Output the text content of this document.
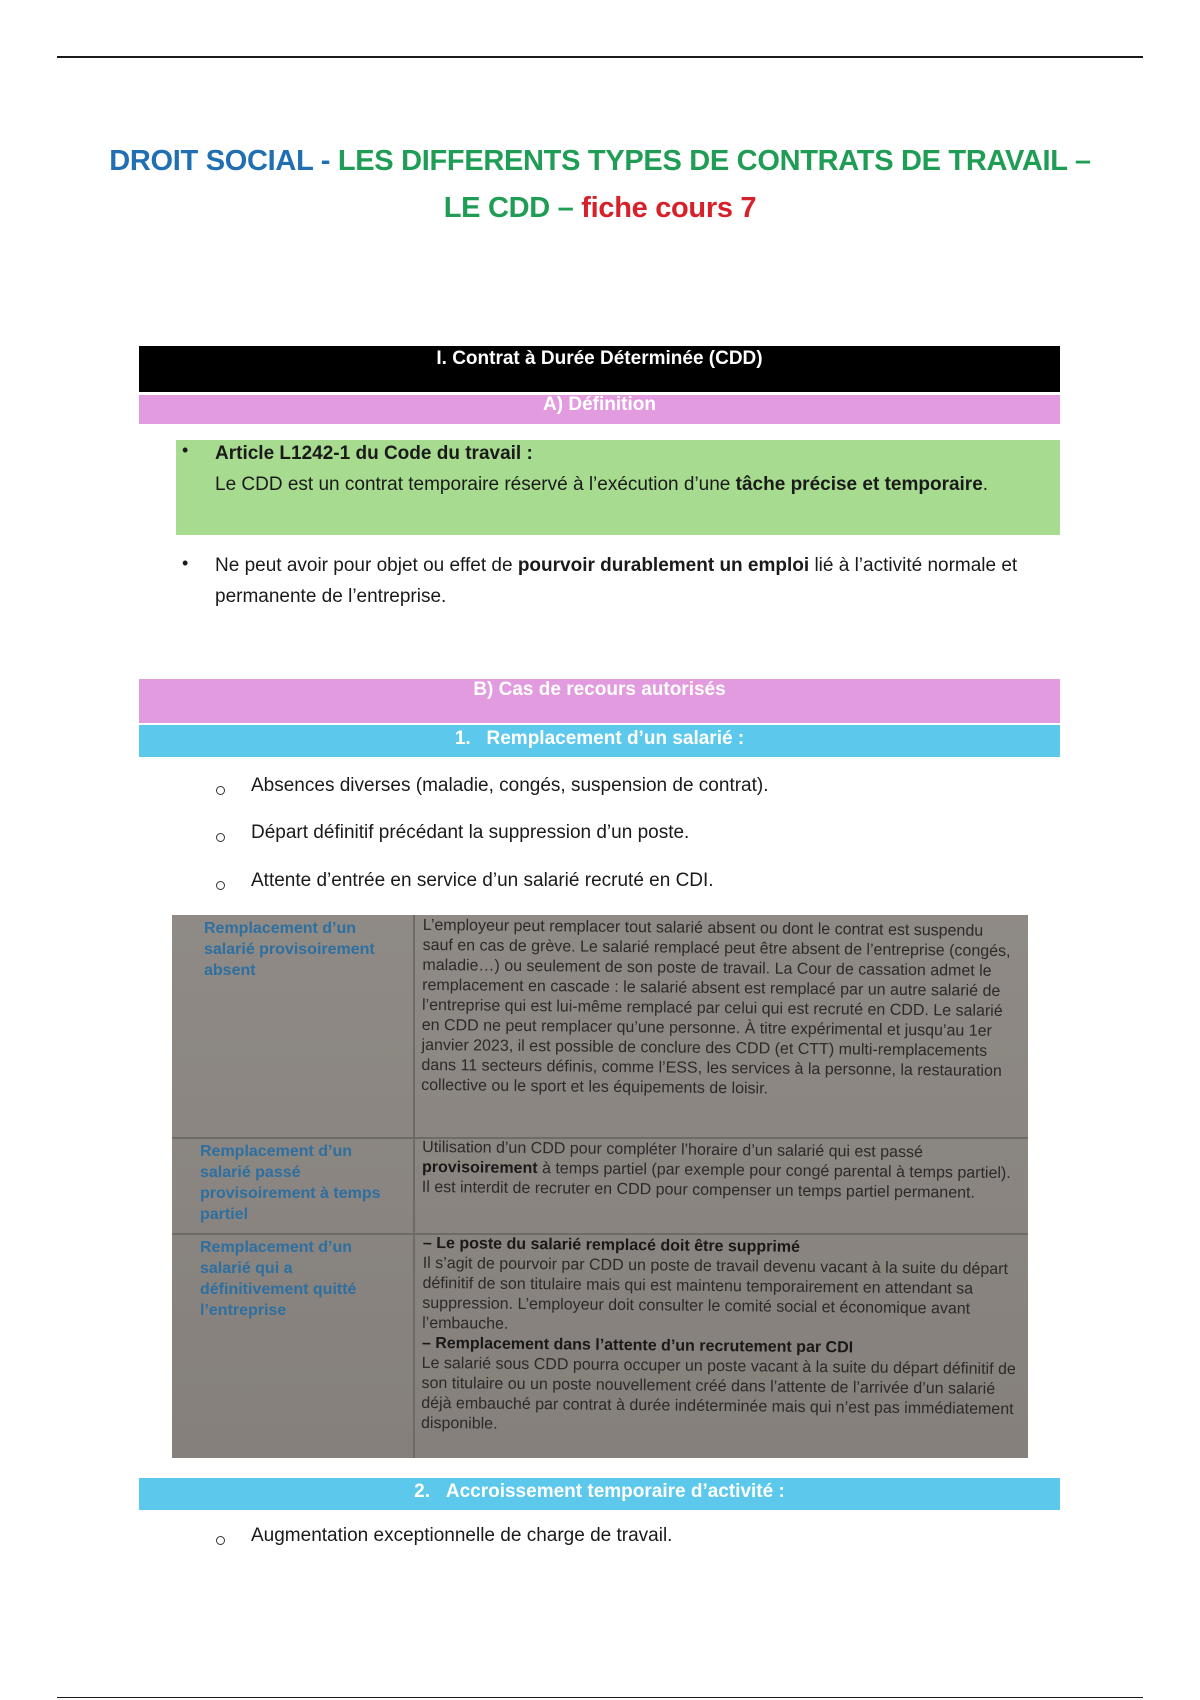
DROIT SOCIAL - LES DIFFERENTS TYPES DE CONTRATS DE TRAVAIL – LE CDD – fiche cours 7
I. Contrat à Durée Déterminée (CDD)
A) Définition
• Article L1242-1 du Code du travail :
Le CDD est un contrat temporaire réservé à l’exécution d’une tâche précise et temporaire.
• Ne peut avoir pour objet ou effet de pourvoir durablement un emploi lié à l’activité normale et permanente de l’entreprise.
B) Cas de recours autorisés
1.   Remplacement d’un salarié :
Absences diverses (maladie, congés, suspension de contrat).
Départ définitif précédant la suppression d’un poste.
Attente d’entrée en service d’un salarié recruté en CDI.
Remplacement d’un salarié provisoirement absent
L’employeur peut remplacer tout salarié absent ou dont le contrat est suspendu sauf en cas de grève. Le salarié remplacé peut être absent de l’entreprise (congés, maladie…) ou seulement de son poste de travail. La Cour de cassation admet le remplacement en cascade : le salarié absent est remplacé par un autre salarié de l’entreprise qui est lui-même remplacé par celui qui est recruté en CDD. Le salarié en CDD ne peut remplacer qu’une personne. À titre expérimental et jusqu’au 1er janvier 2023, il est possible de conclure des CDD (et CTT) multi-remplacements dans 11 secteurs définis, comme l’ESS, les services à la personne, la restauration collective ou le sport et les équipements de loisir.
Remplacement d’un salarié passé provisoirement à temps partiel
Utilisation d’un CDD pour compléter l’horaire d’un salarié qui est passé provisoirement à temps partiel (par exemple pour congé parental à temps partiel). Il est interdit de recruter en CDD pour compenser un temps partiel permanent.
Remplacement d’un salarié qui a définitivement quitté l’entreprise
– Le poste du salarié remplacé doit être supprimé
Il s’agit de pourvoir par CDD un poste de travail devenu vacant à la suite du départ définitif de son titulaire mais qui est maintenu temporairement en attendant sa suppression. L’employeur doit consulter le comité social et économique avant l’embauche.
– Remplacement dans l’attente d’un recrutement par CDI
Le salarié sous CDD pourra occuper un poste vacant à la suite du départ définitif de son titulaire ou un poste nouvellement créé dans l’attente de l’arrivée d’un salarié déjà embauché par contrat à durée indéterminée mais qui n’est pas immédiatement disponible.
2.   Accroissement temporaire d’activité :
Augmentation exceptionnelle de charge de travail.
